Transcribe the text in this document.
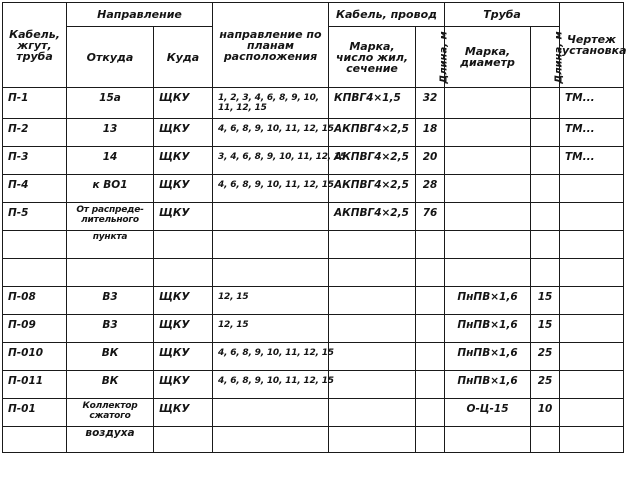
Кабель, жгут, труба	Направление		направление по планам расположения	Кабель, провод		Труба		Чертеж установка
	Откуда	Куда		Марка, число жил, сечение	Длина, м	Марка, диаметр	Длина, м	
П-1	15а	ЩКУ	1, 2, 3, 4, 6, 8, 9, 10, 11, 12, 15	КПВГ4×1,5	32			ТМ...
П-2	13	ЩКУ	4, 6, 8, 9, 10, 11, 12, 15	АКПВГ4×2,5	18			ТМ...
П-3	14	ЩКУ	3, 4, 6, 8, 9, 10, 11, 12, 15	АКПВГ4×2,5	20			ТМ...
П-4	к ВО1	ЩКУ	4, 6, 8, 9, 10, 11, 12, 15	АКПВГ4×2,5	28			
П-5	От распреде- лительного	ЩКУ		АКПВГ4×2,5	76			
	пункта							

П-08	В3	ЩКУ	12, 15			ПнПВ×1,6	15	
П-09	В3	ЩКУ	12, 15			ПнПВ×1,6	15	
П-010	ВК	ЩКУ	4, 6, 8, 9, 10, 11, 12, 15			ПнПВ×1,6	25	
П-011	ВК	ЩКУ	4, 6, 8, 9, 10, 11, 12, 15			ПнПВ×1,6	25	
П-01	Коллектор сжатого	ЩКУ				О-Ц-15	10	
	воздуха							
